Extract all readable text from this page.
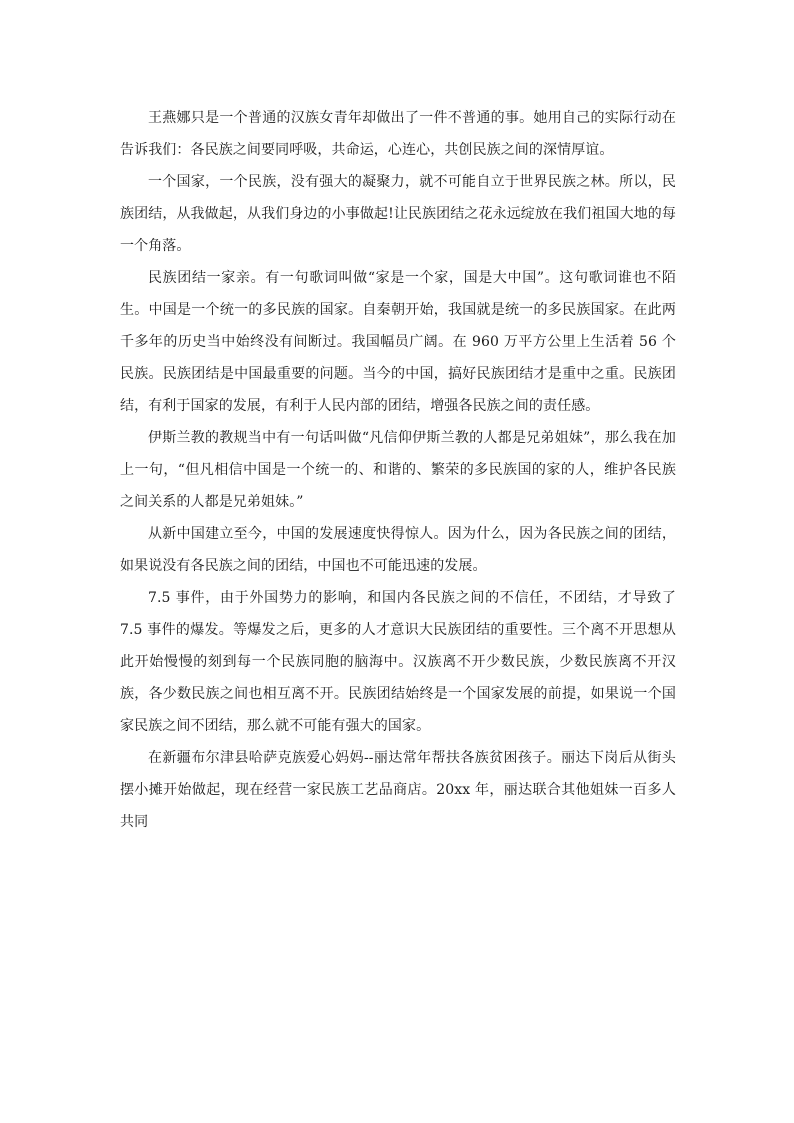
王燕娜只是一个普通的汉族女青年却做出了一件不普通的事。她用自己的实际行动在告诉我们：各民族之间要同呼吸，共命运，心连心，共创民族之间的深情厚谊。

一个国家，一个民族，没有强大的凝聚力，就不可能自立于世界民族之林。所以，民族团结，从我做起，从我们身边的小事做起!让民族团结之花永远绽放在我们祖国大地的每一个角落。

民族团结一家亲。有一句歌词叫做“家是一个家，国是大中国”。这句歌词谁也不陌生。中国是一个统一的多民族的国家。自秦朝开始，我国就是统一的多民族国家。在此两千多年的历史当中始终没有间断过。我国幅员广阔。在 960 万平方公里上生活着 56 个民族。民族团结是中国最重要的问题。当今的中国，搞好民族团结才是重中之重。民族团结，有利于国家的发展，有利于人民内部的团结，增强各民族之间的责任感。

伊斯兰教的教规当中有一句话叫做“凡信仰伊斯兰教的人都是兄弟姐妹”，那么我在加上一句，“但凡相信中国是一个统一的、和谐的、繁荣的多民族国的家的人，维护各民族之间关系的人都是兄弟姐妹。”

从新中国建立至今，中国的发展速度快得惊人。因为什么，因为各民族之间的团结，如果说没有各民族之间的团结，中国也不可能迅速的发展。

7.5 事件，由于外国势力的影响，和国内各民族之间的不信任，不团结，才导致了 7.5 事件的爆发。等爆发之后，更多的人才意识大民族团结的重要性。三个离不开思想从此开始慢慢的刻到每一个民族同胞的脑海中。汉族离不开少数民族，少数民族离不开汉族，各少数民族之间也相互离不开。民族团结始终是一个国家发展的前提，如果说一个国家民族之间不团结，那么就不可能有强大的国家。

在新疆布尔津县哈萨克族爱心妈妈--丽达常年帮扶各族贫困孩子。丽达下岗后从街头摆小摊开始做起，现在经营一家民族工艺品商店。20xx 年，丽达联合其他姐妹一百多人共同
